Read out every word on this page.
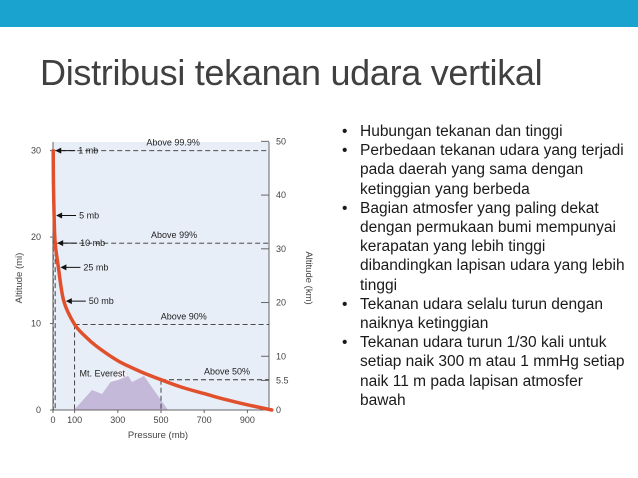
Distribusi tekanan udara vertikal
0 100	300	500	700	900
0
10
20
30
0
5.5
10
20
30
40
50
Above 99.9%
Above 99%
Above 90%
Above 50%
1 mb
5 mb
10 mb
25 mb
50 mb
Mt. Everest
Pressure (mb)
Altitude (mi)	Altitude (km)
• Hubungan tekanan dan tinggi
• Perbedaan tekanan udara yang terjadi pada daerah yang sama dengan ketinggian yang berbeda
• Bagian atmosfer yang paling dekat dengan permukaan bumi mempunyai kerapatan yang lebih tinggi dibandingkan lapisan udara yang lebih tinggi
• Tekanan udara selalu turun dengan naiknya ketinggian
• Tekanan udara turun 1/30 kali untuk setiap naik 300 m atau 1 mmHg setiap naik 11 m pada lapisan atmosfer bawah
